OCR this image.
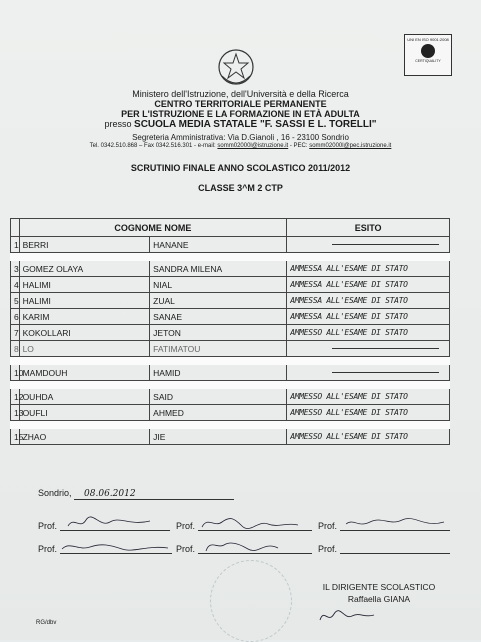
UNI EN ISO 9001:2008
CERTIQUALITY
Ministero dell'Istruzione, dell'Università e della Ricerca
CENTRO TERRITORIALE PERMANENTE
PER L'ISTRUZIONE E LA FORMAZIONE IN ETÀ ADULTA
presso SCUOLA MEDIA STATALE "F. SASSI E L. TORELLI"
Segreteria Amministrativa: Via D.Gianoli , 16 - 23100 Sondrio
Tel. 0342.510.868 – Fax 0342.516.301 - e-mail: somm02000l@istruzione.it - PEC: somm02000l@pec.istruzione.it
SCRUTINIO FINALE ANNO SCOLASTICO 2011/2012
CLASSE 3^M 2 CTP
	COGNOME NOME		ESITO
1	BERRI	HANANE	

3	GOMEZ OLAYA	SANDRA MILENA	AMMESSA ALL'ESAME DI STATO
4	HALIMI	NIAL	AMMESSA ALL'ESAME DI STATO
5	HALIMI	ZUAL	AMMESSA ALL'ESAME DI STATO
6	KARIM	SANAE	AMMESSA ALL'ESAME DI STATO
7	KOKOLLARI	JETON	AMMESSO ALL'ESAME DI STATO
8	LO	FATIMATOU	

10	MAMDOUH	HAMID	

12	OUHDA	SAID	AMMESSO ALL'ESAME DI STATO
13	OUFLI	AHMED	AMMESSO ALL'ESAME DI STATO

15	ZHAO	JIE	AMMESSO ALL'ESAME DI STATO
Sondrio, 08.06.2012
Prof.	Prof.	Prof.
Prof.	Prof.	Prof.
IL DIRIGENTE SCOLASTICO
Raffaella GIANA
RG/dbv
